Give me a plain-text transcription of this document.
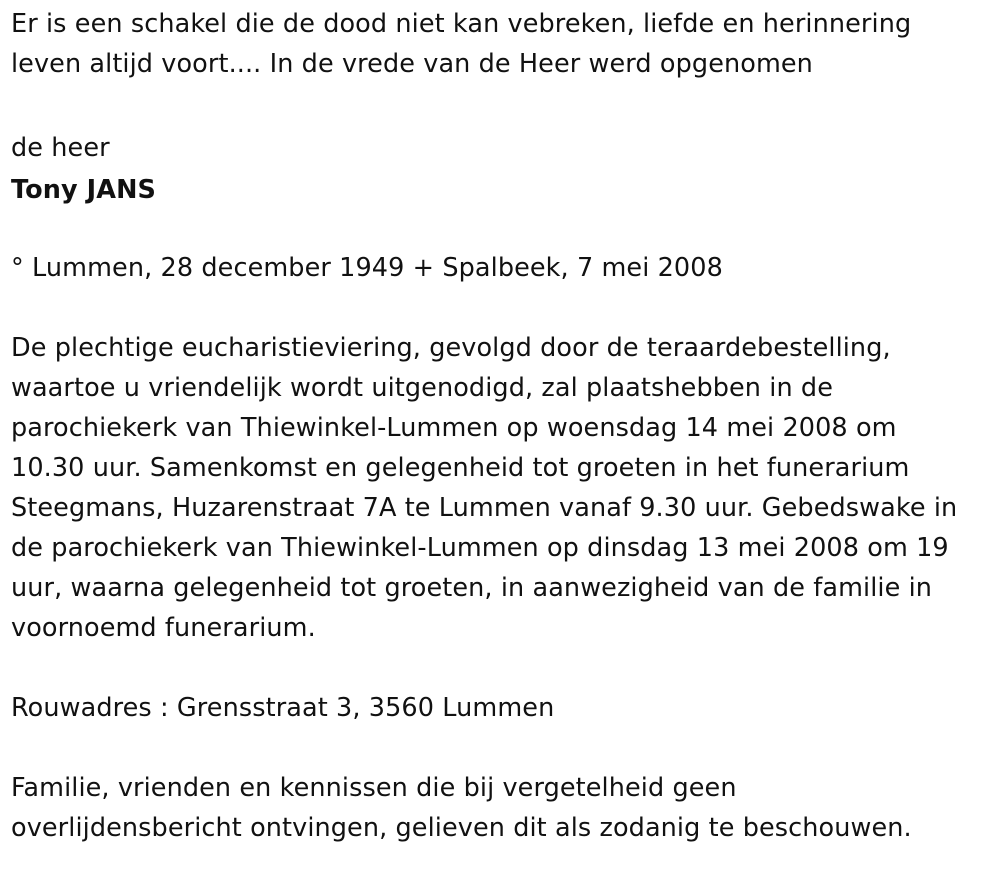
Er is een schakel die de dood niet kan vebreken, liefde en herinnering
leven altijd voort.... In de vrede van de Heer werd opgenomen
de heer
Tony JANS
° Lummen, 28 december 1949 + Spalbeek, 7 mei 2008
De plechtige eucharistieviering, gevolgd door de teraardebestelling,
waartoe u vriendelijk wordt uitgenodigd, zal plaatshebben in de
parochiekerk van Thiewinkel-Lummen op woensdag 14 mei 2008 om
10.30 uur. Samenkomst en gelegenheid tot groeten in het funerarium
Steegmans, Huzarenstraat 7A te Lummen vanaf 9.30 uur. Gebedswake in
de parochiekerk van Thiewinkel-Lummen op dinsdag 13 mei 2008 om 19
uur, waarna gelegenheid tot groeten, in aanwezigheid van de familie in
voornoemd funerarium.
Rouwadres : Grensstraat 3, 3560 Lummen
Familie, vrienden en kennissen die bij vergetelheid geen
overlijdensbericht ontvingen, gelieven dit als zodanig te beschouwen.
